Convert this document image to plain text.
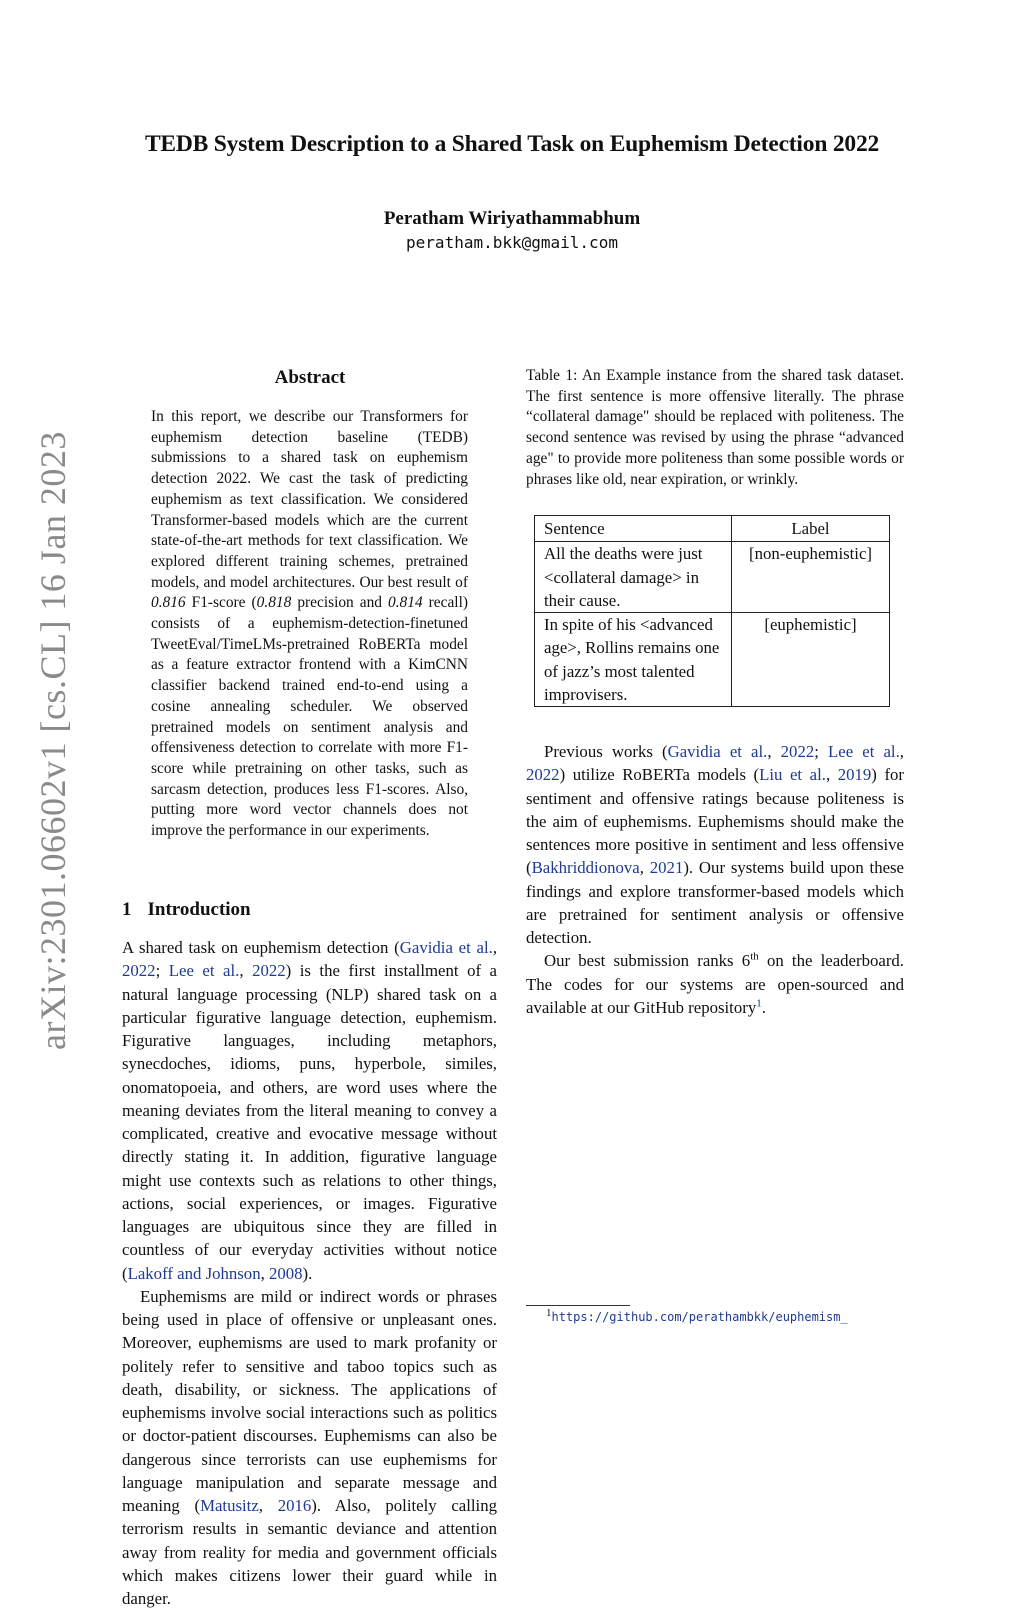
TEDB System Description to a Shared Task on Euphemism Detection 2022
Peratham Wiriyathammabhum
peratham.bkk@gmail.com
arXiv:2301.06602v1 [cs.CL] 16 Jan 2023
Abstract
In this report, we describe our Transformers for euphemism detection baseline (TEDB) submissions to a shared task on euphemism detection 2022. We cast the task of predicting euphemism as text classification. We considered Transformer-based models which are the current state-of-the-art methods for text classification. We explored different training schemes, pretrained models, and model architectures. Our best result of 0.816 F1-score (0.818 precision and 0.814 recall) consists of a euphemism-detection-finetuned TweetEval/TimeLMs-pretrained RoBERTa model as a feature extractor frontend with a KimCNN classifier backend trained end-to-end using a cosine annealing scheduler. We observed pretrained models on sentiment analysis and offensiveness detection to correlate with more F1-score while pretraining on other tasks, such as sarcasm detection, produces less F1-scores. Also, putting more word vector channels does not improve the performance in our experiments.
1 Introduction

A shared task on euphemism detection (Gavidia et al., 2022; Lee et al., 2022) is the first installment of a natural language processing (NLP) shared task on a particular figurative language detection, euphemism. Figurative languages, including metaphors, synecdoches, idioms, puns, hyperbole, similes, onomatopoeia, and others, are word uses where the meaning deviates from the literal meaning to convey a complicated, creative and evocative message without directly stating it. In addition, figurative language might use contexts such as relations to other things, actions, social experiences, or images. Figurative languages are ubiquitous since they are filled in countless of our everyday activities without notice (Lakoff and Johnson, 2008).

Euphemisms are mild or indirect words or phrases being used in place of offensive or unpleasant ones. Moreover, euphemisms are used to mark profanity or politely refer to sensitive and taboo topics such as death, disability, or sickness. The applications of euphemisms involve social interactions such as politics or doctor-patient discourses. Euphemisms can also be dangerous since terrorists can use euphemisms for language manipulation and separate message and meaning (Matusitz, 2016). Also, politely calling terrorism results in semantic deviance and attention away from reality for media and government officials which makes citizens lower their guard while in danger.

Table 1: An Example instance from the shared task dataset. The first sentence is more offensive literally. The phrase “collateral damage" should be replaced with politeness. The second sentence was revised by using the phrase “advanced age" to provide more politeness than some possible words or phrases like old, near expiration, or wrinkly.
Sentence	Label
All the deaths were just <collateral damage> in their cause.	[non-euphemistic]
In spite of his <advanced age>, Rollins remains one of jazz’s most talented improvisers.	[euphemistic]

Previous works (Gavidia et al., 2022; Lee et al., 2022) utilize RoBERTa models (Liu et al., 2019) for sentiment and offensive ratings because politeness is the aim of euphemisms. Euphemisms should make the sentences more positive in sentiment and less offensive (Bakhriddionova, 2021). Our systems build upon these findings and explore transformer-based models which are pretrained for sentiment analysis or offensive detection.

Our best submission ranks 6th on the leaderboard. The codes for our systems are open-sourced and available at our GitHub repository$^1$.

$^1$https://github.com/perathambkk/euphemism_
